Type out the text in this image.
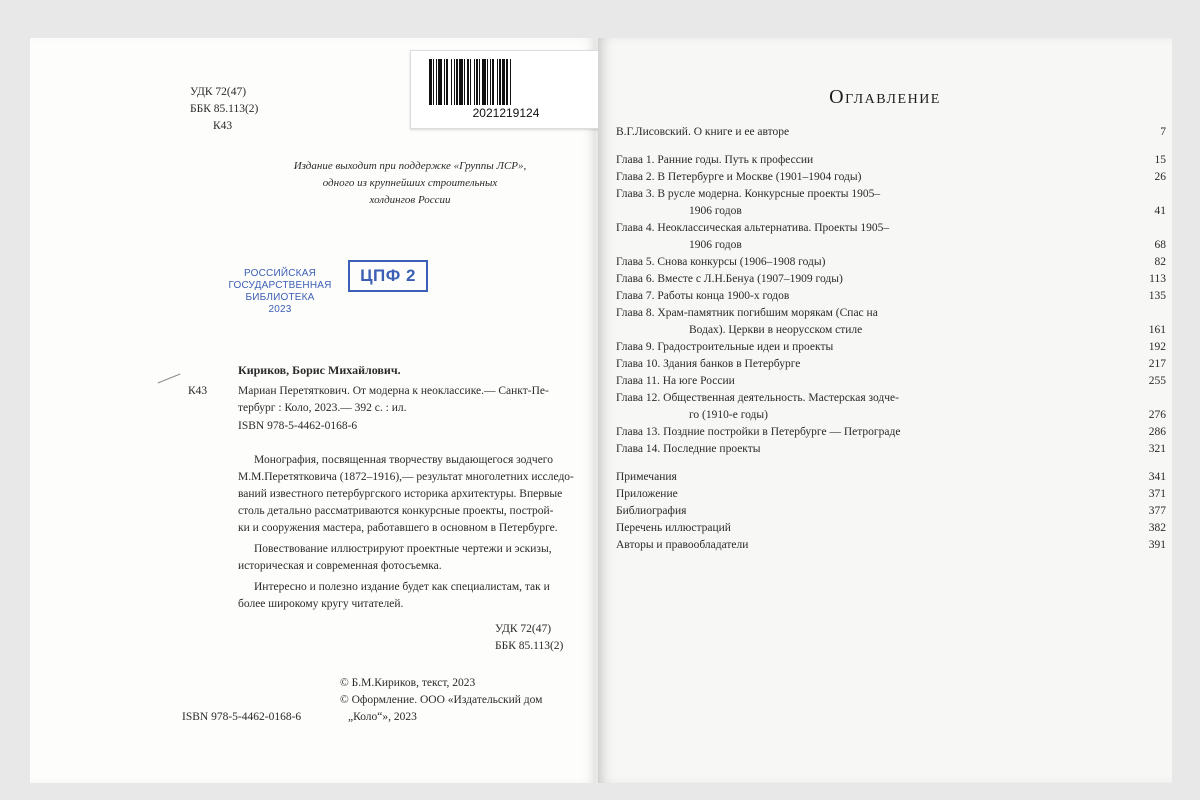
УДК 72(47)
ББК 85.113(2)
К43
2021219124
Издание выходит при поддержке «Группы ЛСР»,
одного из крупнейших строительных
холдингов России
РОССИЙСКАЯ
ГОСУДАРСТВЕННАЯ
БИБЛИОТЕКА
2023
ЦПФ 2
Кириков, Борис Михайлович.
К43	Мариан Перетяткович. От модерна к неоклассике.— Санкт-Пе-
тербург : Коло, 2023.— 392 с. : ил.
ISBN 978-5-4462-0168-6
Монография, посвященная творчеству выдающегося зодчего
М.М.Перетятковича (1872–1916),— результат многолетних исследо-
ваний известного петербургского историка архитектуры. Впервые
столь детально рассматриваются конкурсные проекты, построй-
ки и сооружения мастера, работавшего в основном в Петербурге.
Повествование иллюстрируют проектные чертежи и эскизы,
историческая и современная фотосъемка.
Интересно и полезно издание будет как специалистам, так и
более широкому кругу читателей.
УДК 72(47)
ББК 85.113(2)
© Б.М.Кириков, текст, 2023
© Оформление. ООО «Издательский дом
„Коло“», 2023
ISBN 978-5-4462-0168-6
Оглавление
В.Г.Лисовский. О книге и ее авторе	7
Глава 1. Ранние годы. Путь к профессии	15
Глава 2. В Петербурге и Москве (1901–1904 годы)	26
Глава 3. В русле модерна. Конкурсные проекты 1905–
1906 годов	41
Глава 4. Неоклассическая альтернатива. Проекты 1905–
1906 годов	68
Глава 5. Снова конкурсы (1906–1908 годы)	82
Глава 6. Вместе с Л.Н.Бенуа (1907–1909 годы)	113
Глава 7. Работы конца 1900-х годов	135
Глава 8. Храм-памятник погибшим морякам (Спас на
Водах). Церкви в неорусском стиле	161
Глава 9. Градостроительные идеи и проекты	192
Глава 10. Здания банков в Петербурге	217
Глава 11. На юге России	255
Глава 12. Общественная деятельность. Мастерская зодче-
го (1910-е годы)	276
Глава 13. Поздние постройки в Петербурге — Петрограде	286
Глава 14. Последние проекты	321
Примечания	341
Приложение	371
Библиография	377
Перечень иллюстраций	382
Авторы и правообладатели	391
